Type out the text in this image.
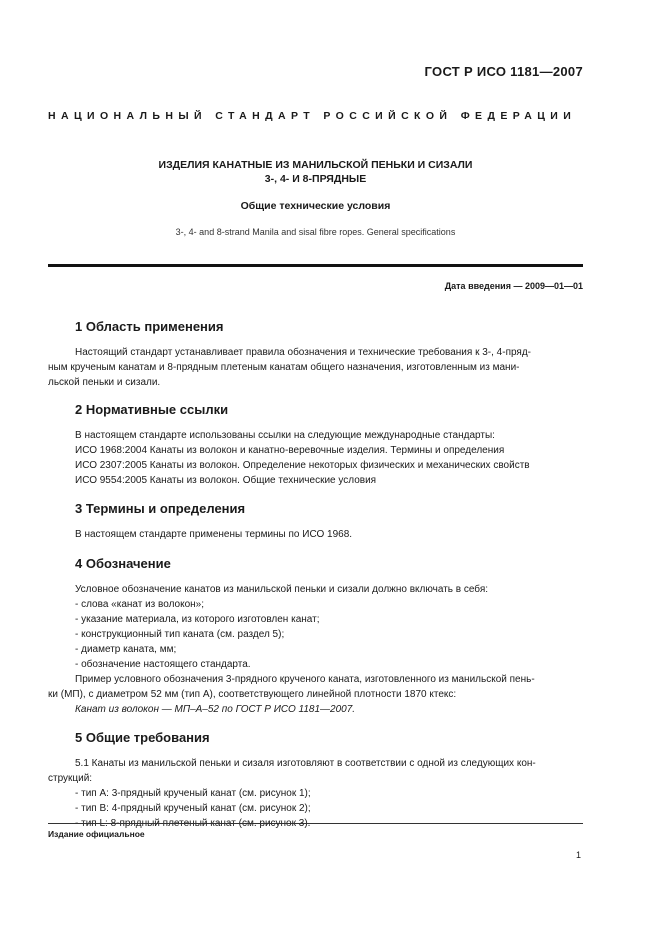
ГОСТ Р ИСО 1181—2007
НАЦИОНАЛЬНЫЙ СТАНДАРТ РОССИЙСКОЙ ФЕДЕРАЦИИ
ИЗДЕЛИЯ КАНАТНЫЕ ИЗ МАНИЛЬСКОЙ ПЕНЬКИ И СИЗАЛИ
3-, 4- И 8-ПРЯДНЫЕ
Общие технические условия
3-, 4- and 8-strand Manila and sisal fibre ropes. General specifications
Дата введения — 2009—01—01
1 Область применения

Настоящий стандарт устанавливает правила обозначения и технические требования к 3-, 4-пряд-

ным крученым канатам и 8-прядным плетеным канатам общего назначения, изготовленным из мани-

льской пеньки и сизали.

2 Нормативные ссылки

В настоящем стандарте использованы ссылки на следующие международные стандарты:

ИСО 1968:2004 Канаты из волокон и канатно-веревочные изделия. Термины и определения

ИСО 2307:2005 Канаты из волокон. Определение некоторых физических и механических свойств

ИСО 9554:2005 Канаты из волокон. Общие технические условия

3 Термины и определения

В настоящем стандарте применены термины по ИСО 1968.

4 Обозначение

Условное обозначение канатов из манильской пеньки и сизали должно включать в себя:

- слова «канат из волокон»;

- указание материала, из которого изготовлен канат;

- конструкционный тип каната (см. раздел 5);

- диаметр каната, мм;

- обозначение настоящего стандарта.

Пример условного обозначения 3-прядного крученого каната, изготовленного из манильской пень-

ки (МП), с диаметром 52 мм (тип А), соответствующего линейной плотности 1870 ктекс:

Канат из волокон — МП–А–52 по ГОСТ Р ИСО 1181—2007.

5 Общие требования

5.1 Канаты из манильской пеньки и сизаля изготовляют в соответствии с одной из следующих кон-

струкций:

- тип А: 3-прядный крученый канат (см. рисунок 1);

- тип В: 4-прядный крученый канат (см. рисунок 2);

Издание официальное
1
